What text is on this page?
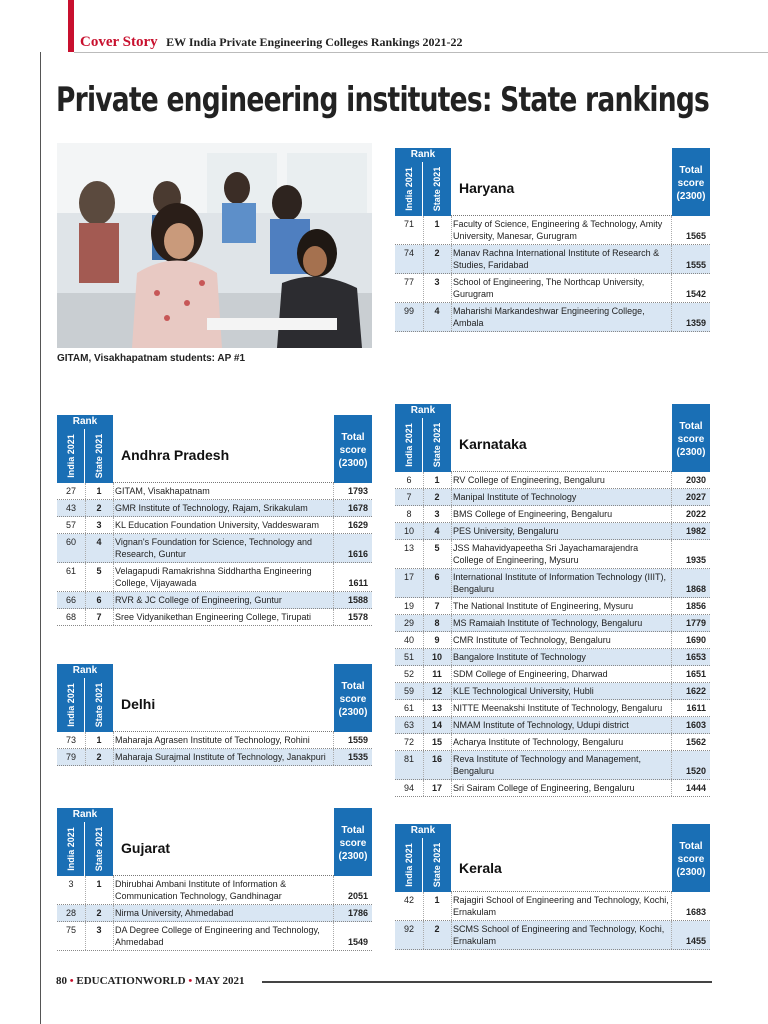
Cover Story EW India Private Engineering Colleges Rankings 2021-22
Private engineering institutes: State rankings
GITAM, Visakhapatnam students: AP #1
Rank
India 2021 State 2021 Haryana
Total
score
(2300)
71	1	Faculty of Science, Engineering & Technology, Amity University, Manesar, Gurugram	1565
74	2	Manav Rachna International Institute of Research & Studies, Faridabad	1555
77	3	School of Engineering, The Northcap University, Gurugram	1542
99	4	Maharishi Markandeshwar Engineering College, Ambala	1359
Rank
India 2021 State 2021 Andhra Pradesh
Total
score
(2300)
27	1	GITAM, Visakhapatnam	1793
43	2	GMR Institute of Technology, Rajam, Srikakulam	1678
57	3	KL Education Foundation University, Vaddeswaram	1629
60	4	Vignan's Foundation for Science, Technology and Research, Guntur	1616
61	5	Velagapudi Ramakrishna Siddhartha Engineering College, Vijayawada	1611
66	6	RVR & JC College of Engineering, Guntur	1588
68	7	Sree Vidyanikethan Engineering College, Tirupati	1578
Rank
India 2021 State 2021 Delhi
Total
score
(2300)
73	1	Maharaja Agrasen Institute of Technology, Rohini	1559
79	2	Maharaja Surajmal Institute of Technology, Janakpuri	1535
Rank
India 2021 State 2021 Gujarat
Total
score
(2300)
3	1	Dhirubhai Ambani Institute of Information & Communication Technology, Gandhinagar	2051
28	2	Nirma University, Ahmedabad	1786
75	3	DA Degree College of Engineering and Technology, Ahmedabad	1549
Rank
India 2021 State 2021 Karnataka
Total
score
(2300)
6	1	RV College of Engineering, Bengaluru	2030
7	2	Manipal Institute of Technology	2027
8	3	BMS College of Engineering, Bengaluru	2022
10	4	PES University, Bengaluru	1982
13	5	JSS Mahavidyapeetha Sri Jayachamarajendra College of Engineering, Mysuru	1935
17	6	International Institute of Information Technology (IIIT), Bengaluru	1868
19	7	The National Institute of Engineering, Mysuru	1856
29	8	MS Ramaiah Institute of Technology, Bengaluru	1779
40	9	CMR Institute of Technology, Bengaluru	1690
51	10	Bangalore Institute of Technology	1653
52	11	SDM College of Engineering, Dharwad	1651
59	12	KLE Technological University, Hubli	1622
61	13	NITTE Meenakshi Institute of Technology, Bengaluru	1611
63	14	NMAM Institute of Technology, Udupi district	1603
72	15	Acharya Institute of Technology, Bengaluru	1562
81	16	Reva Institute of Technology and Management, Bengaluru	1520
94	17	Sri Sairam College of Engineering, Bengaluru	1444
Rank
India 2021 State 2021 Kerala
Total
score
(2300)
42	1	Rajagiri School of Engineering and Technology, Kochi, Ernakulam	1683
92	2	SCMS School of Engineering and Technology, Kochi, Ernakulam	1455
80 • EDUCATIONWORLD • MAY 2021
